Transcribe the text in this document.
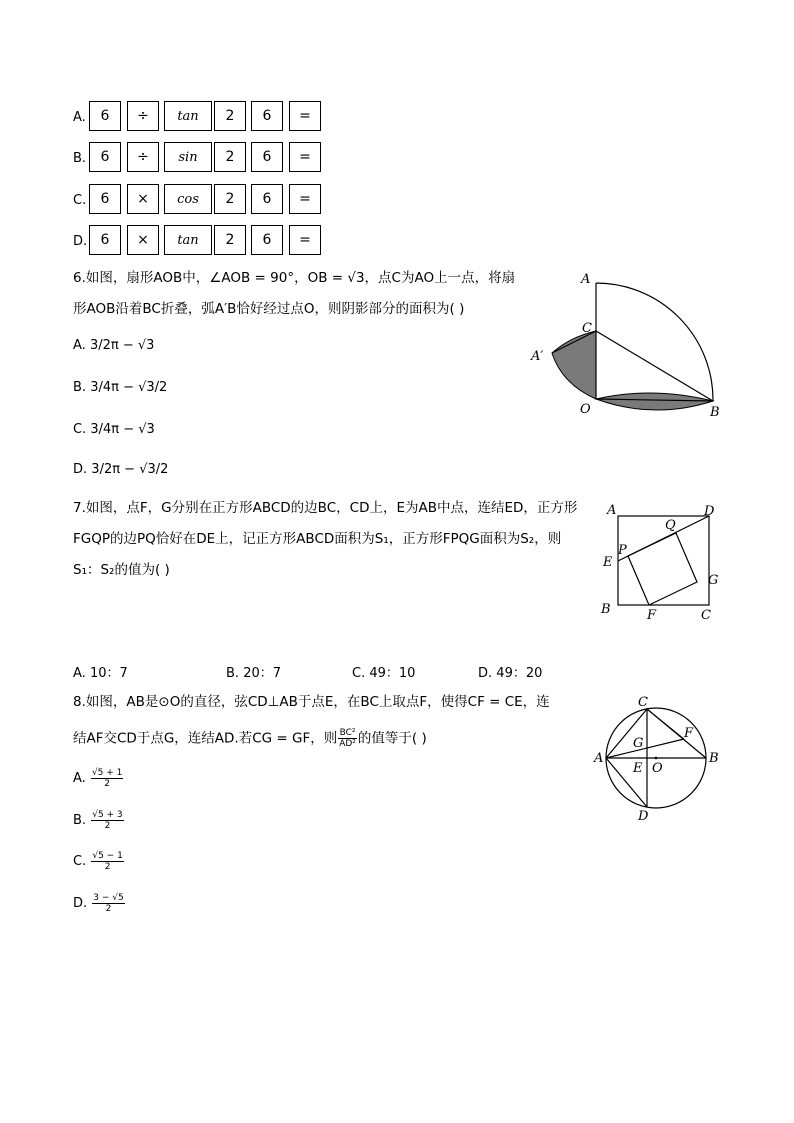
A.	6	÷	tan	2	6	=
B.	6	÷	sin	2	6	=
C.	6	×	cos	2	6	=
D. 6	×	tan	2	6	=
6.如图，扇形AOB中，∠AOB = 90°，OB = √3，点C为AO上一点，将扇
形AOB沿着BC折叠，弧A′B恰好经过点O，则阴影部分的面积为( )
A. 3/2π − √3
B. 3/4π − √3/2
C. 3/4π − √3
D. 3/2π − √3/2
A
C
A′
O	B
7.如图，点F，G分别在正方形ABCD的边BC，CD上，E为AB中点，连结ED，正方形
FGQP的边PQ恰好在DE上，记正方形ABCD面积为S₁，正方形FPQG面积为S₂，则
S₁：S₂的值为( )
A. 10：7	B. 20：7	C. 49：10	D. 49：20
A	D
Q
P
E
G
B	F	C
8.如图，AB是⊙O的直径，弦CD⊥AB于点E，在BC上取点F，使得CF = CE，连
结AF交CD于点G，连结AD.若CG = GF，则 $\frac{\text{BC²}}{\text{AD²}}$ 的值等于( )
A. $\frac{√5 + 1}{2}$
B. $\frac{√5 + 3}{2}$
C. $\frac{√5 - 1}{2}$
D. $\frac{3 - √5}{2}$
C
F
G
A
E O
B
D
